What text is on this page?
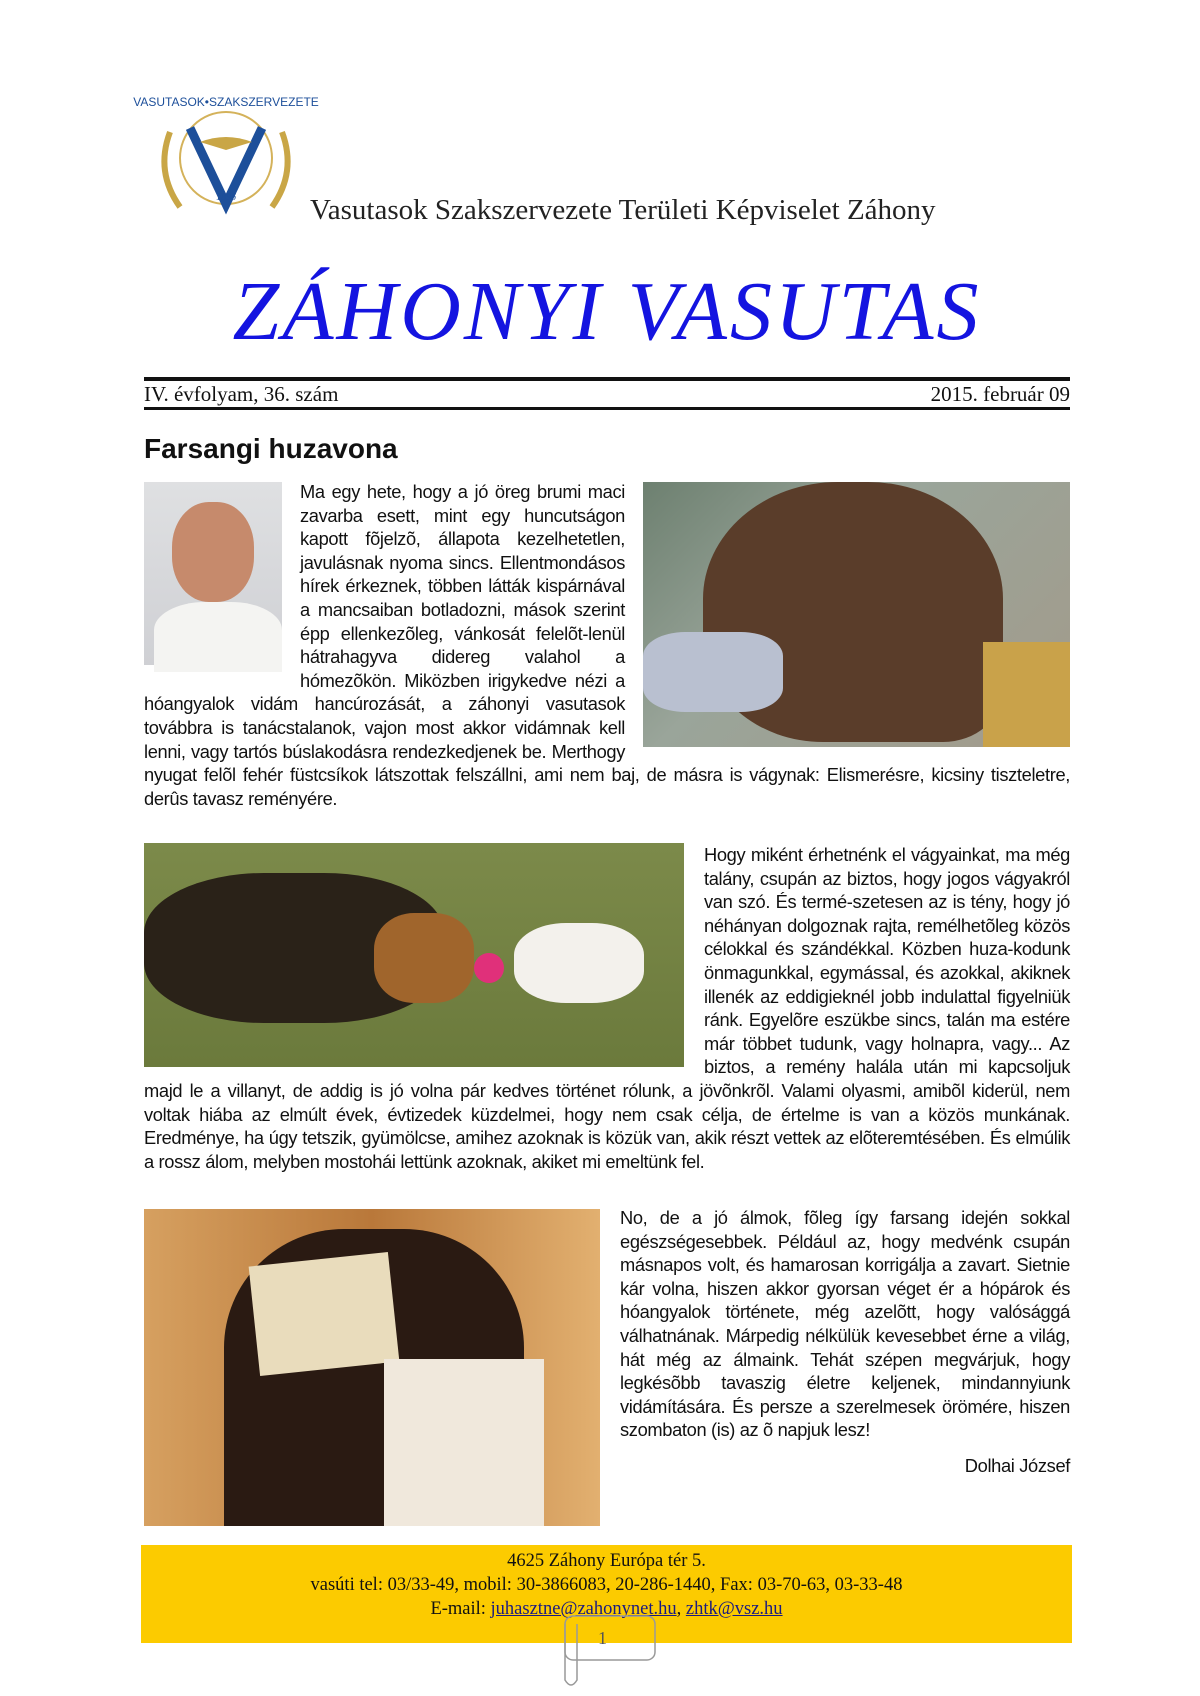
VASUTASOK•SZAKSZERVEZETE
1896	Vasutasok Szakszervezete Területi Képviselet Záhony
ZÁHONYI VASUTAS
IV. évfolyam, 36. szám	2015. február 09
Farsangi huzavona
Ma egy hete, hogy a jó öreg brumi maci zavarba esett, mint egy huncutságon kapott fõjelzõ, állapota kezelhetetlen, javulásnak nyoma sincs. Ellentmondásos hírek érkeznek, többen látták kispárnával a mancsaiban botladozni, mások szerint épp ellenkezõleg, vánkosát felelõt-lenül hátrahagyva didereg valahol a hómezõkön. Miközben irigykedve nézi a hóangyalok vidám hancúrozását, a záhonyi vasutasok továbbra is tanácstalanok, vajon most akkor vidámnak kell lenni, vagy tartós búslakodásra rendezkedjenek be. Merthogy nyugat felõl fehér füstcsíkok látszottak felszállni, ami nem baj, de másra is vágynak: Elismerésre, kicsiny tiszteletre, derûs tavasz reményére.
Hogy miként érhetnénk el vágyainkat, ma még talány, csupán az biztos, hogy jogos vágyakról van szó. És termé-szetesen az is tény, hogy jó néhányan dolgoznak rajta, remélhetõleg közös célokkal és szándékkal. Közben huza-kodunk önmagunkkal, egymással, és azokkal, akiknek illenék az eddigieknél jobb indulattal figyelniük ránk. Egyelõre eszükbe sincs, talán ma estére már többet tudunk, vagy holnapra, vagy... Az biztos, a remény halála után mi kapcsoljuk majd le a villanyt, de addig is jó volna pár kedves történet rólunk, a jövõnkrõl. Valami olyasmi, amibõl kiderül, nem voltak hiába az elmúlt évek, évtizedek küzdelmei, hogy nem csak célja, de értelme is van a közös munkának. Eredménye, ha úgy tetszik, gyümölcse, amihez azoknak is közük van, akik részt vettek az elõteremtésében. És elmúlik a rossz álom, melyben mostohái lettünk azoknak, akiket mi emeltünk fel.
No, de a jó álmok, fõleg így farsang idején sokkal egészségesebbek. Például az, hogy medvénk csupán másnapos volt, és hamarosan korrigálja a zavart. Sietnie kár volna, hiszen akkor gyorsan véget ér a hópárok és hóangyalok története, még azelõtt, hogy valósággá válhatnának. Márpedig nélkülük kevesebbet érne a világ, hát még az álmaink. Tehát szépen megvárjuk, hogy legkésõbb tavaszig életre keljenek, mindannyiunk vidámítására. És persze a szerelmesek örömére, hiszen szombaton (is) az õ napjuk lesz!
Dolhai József
4625 Záhony Európa tér 5.
vasúti tel: 03/33-49, mobil: 30-3866083, 20-286-1440, Fax: 03-70-63, 03-33-48
E-mail: juhasztne@zahonynet.hu, zhtk@vsz.hu
1
